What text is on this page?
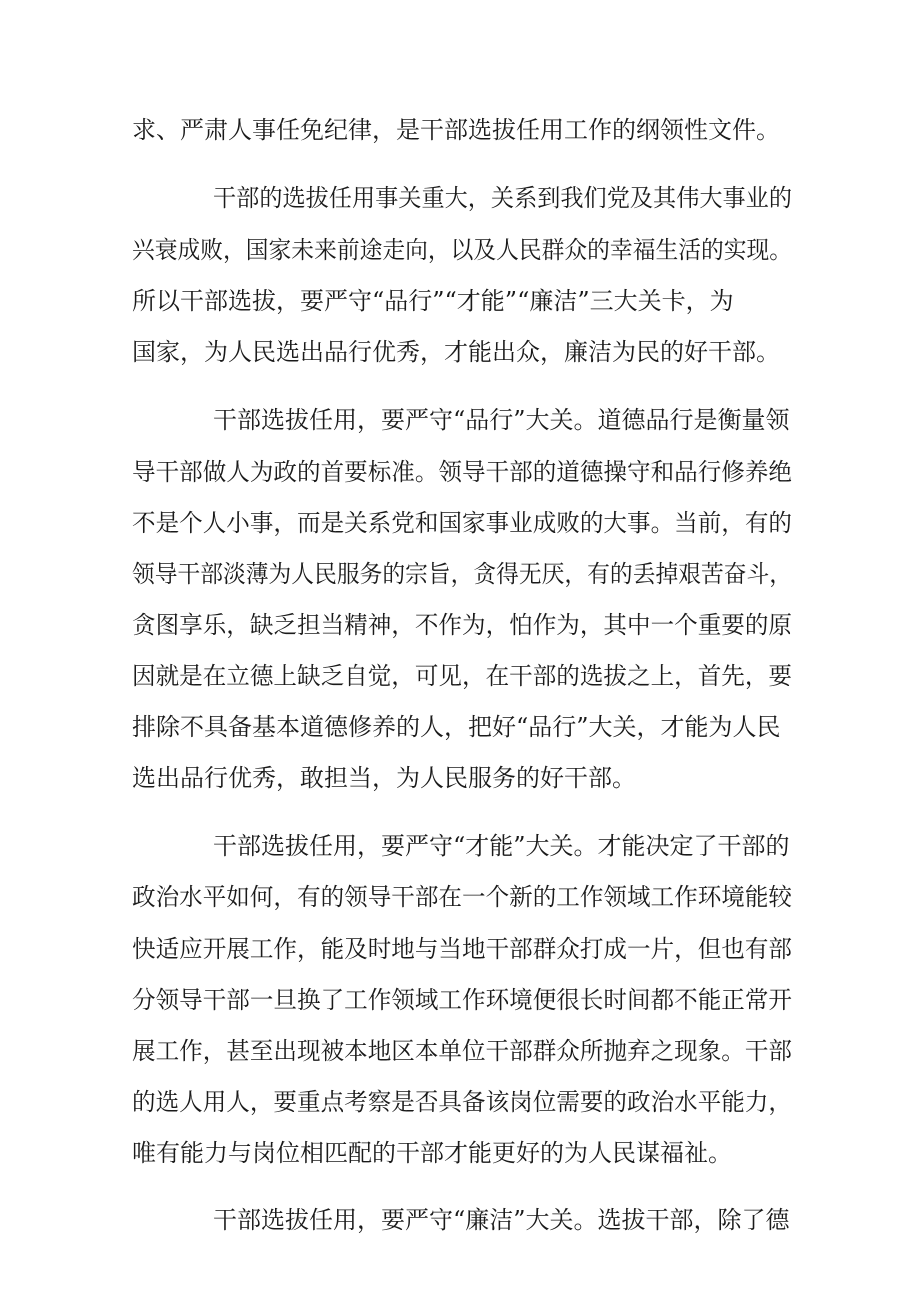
求、严肃人事任免纪律，是干部选拔任用工作的纲领性文件。
干部的选拔任用事关重大，关系到我们党及其伟大事业的
兴衰成败，国家未来前途走向，以及人民群众的幸福生活的实现。
所以干部选拔，要严守“品行”“才能”“廉洁”三大关卡，为
国家，为人民选出品行优秀，才能出众，廉洁为民的好干部。
干部选拔任用，要严守“品行”大关。道德品行是衡量领
导干部做人为政的首要标准。领导干部的道德操守和品行修养绝
不是个人小事，而是关系党和国家事业成败的大事。当前，有的
领导干部淡薄为人民服务的宗旨，贪得无厌，有的丢掉艰苦奋斗，
贪图享乐，缺乏担当精神，不作为，怕作为，其中一个重要的原
因就是在立德上缺乏自觉，可见，在干部的选拔之上，首先，要
排除不具备基本道德修养的人，把好“品行”大关，才能为人民
选出品行优秀，敢担当，为人民服务的好干部。
干部选拔任用，要严守“才能”大关。才能决定了干部的
政治水平如何，有的领导干部在一个新的工作领域工作环境能较
快适应开展工作，能及时地与当地干部群众打成一片，但也有部
分领导干部一旦换了工作领域工作环境便很长时间都不能正常开
展工作，甚至出现被本地区本单位干部群众所抛弃之现象。干部
的选人用人，要重点考察是否具备该岗位需要的政治水平能力，
唯有能力与岗位相匹配的干部才能更好的为人民谋福祉。
干部选拔任用，要严守“廉洁”大关。选拔干部，除了德
